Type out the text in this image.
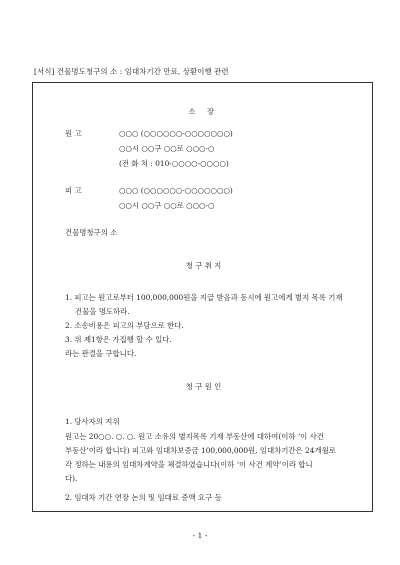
[서식] 건물명도청구의 소 : 임대차기간 만료, 상환이행 관련
소 장
원 고	○○○ (○○○○○○-○○○○○○○)
○○시 ○○구 ○○로 ○○○-○
(전 화 처 : 010-○○○○-○○○○)
피 고	○○○ (○○○○○○-○○○○○○○)
○○시 ○○구 ○○로 ○○○-○
건물명청구의 소
청 구 취 지
1. 피고는 원고로부터 100,000,000원을 지급 받음과 동시에 원고에게 별지 목록 기재
건물을 명도하라.
2. 소송비용은 피고의 부담으로 한다.
3. 위 제1항은 가집행 할 수 있다.
라는 판결을 구합니다.
청 구 원 인
1. 당사자의 지위
원고는 20○○. ○. ○. 원고 소유의 별지목록 기재 부동산에 대하여(이하 ‘이 사건
부동산’이라 합니다) 피고와 임대차보증금 100,000,000원, 임대차기간은 24개월로
각 정하는 내용의 임대차계약을 체결하였습니다(이하 ‘이 사건 계약’이라 합니
다).
2. 임대차 기간 연장 논의 및 임대료 증액 요구 등
- 1 -
